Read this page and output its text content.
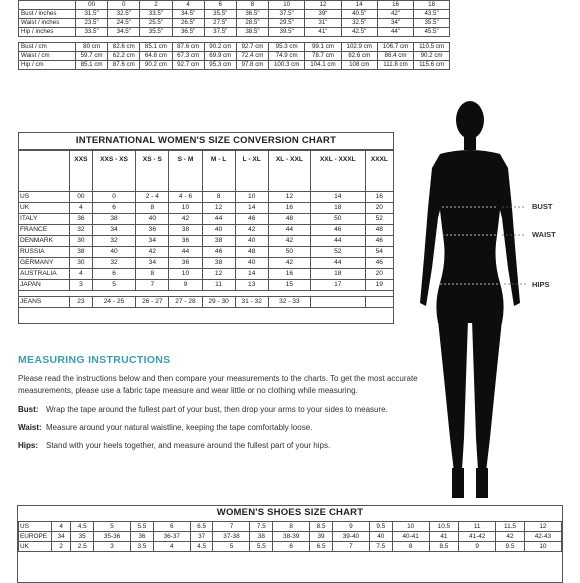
	00	0	2	4	6	8	10	12	14	16	18
Bust / inches	31.5"	32.5"	33.5"	34.5"	35.5"	36.5"	37.5"	39"	40.5"	42"	43.5"
Waist / inches	23.5"	24.5"	25.5"	26.5"	27.5"	28.5"	29.5"	31"	32.5"	34"	35.5"
Hip / inches	33.5"	34.5"	35.5"	36.5"	37.5"	38.5"	39.5"	41"	42.5"	44"	45.5"

Bust / cm	80 cm	82.6 cm	85.1 cm	87.6 cm	90.2 cm	92.7 cm	95.3 cm	99.1 cm	102.9 cm	106.7 cm	110.5 cm
Waist / cm	59.7 cm	62.2 cm	64.8 cm	67.3 cm	69.9 cm	72.4 cm	74.9 cm	78.7 cm	82.6 cm	86.4 cm	90.2 cm
Hip / cm	85.1 cm	87.6 cm	90.2 cm	92.7 cm	95.3 cm	97.8 cm	100.3 cm	104.1 cm	108 cm	111.8 cm	115.6 cm
INTERNATIONAL WOMEN'S SIZE CONVERSION CHART
	XXS	XXS - XS	XS - S	S - M	M - L	L - XL	XL - XXL	XXL - XXXL	XXXL
US	00	0	2 - 4	4 - 6	8	10	12	14	16
UK	4	6	8	10	12	14	16	18	20
ITALY	36	38	40	42	44	46	48	50	52
FRANCE	32	34	36	38	40	42	44	46	48
DENMARK	30	32	34	36	38	40	42	44	46
RUSSIA	38	40	42	44	46	48	50	52	54
GERMANY	30	32	34	36	38	40	42	44	46
AUSTRALIA	4	6	8	10	12	14	16	18	20
JAPAN	3	5	7	9	11	13	15	17	19

JEANS	23	24 - 25	26 - 27	27 - 28	29 - 30	31 - 32	32 - 33		
MEASURING INSTRUCTIONS
Please read the instructions below and then compare your measurements to the charts. To get the most accurate measurements, please use a fabric tape measure and wear little or no clothing while measuring.
Bust: Wrap the tape around the fullest part of your bust, then drop your arms to your sides to measure.
Waist: Measure around your natural waistline, keeping the tape comfortably loose.
Hips: Stand with your heels together, and measure around the fullest part of your hips.
BUST
WAIST
HIPS
WOMEN'S SHOES SIZE CHART																	
US	4	4.5	5	5.5	6	6.5	7	7.5	8	8.5	9	9.5	10	10.5	11	11.5	12
EUROPE	34	35	35-36	36	36-37	37	37-38	38	38-39	39	39-40	40	40-41	41	41-42	42	42-43
UK	2	2.5	3	3.5	4	4.5	5	5.5	6	6.5	7	7.5	8	8.5	9	9.5	10
